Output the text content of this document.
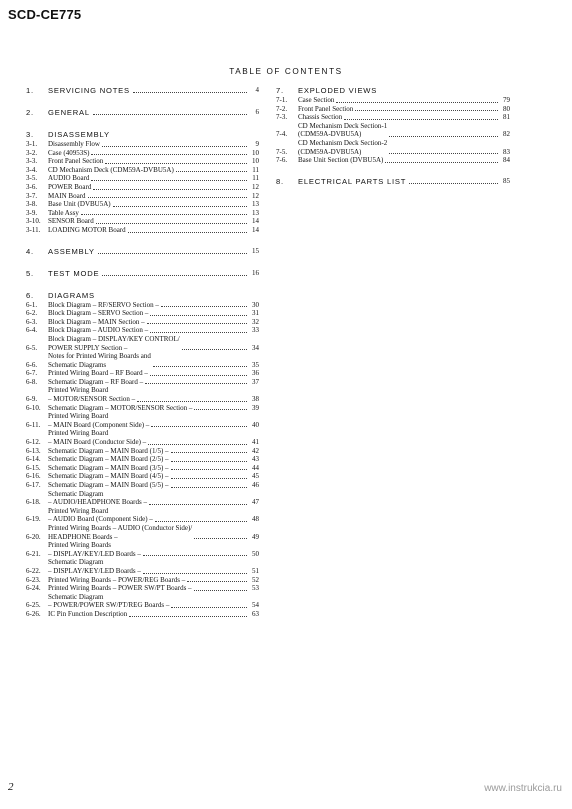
SCD-CE775
TABLE OF CONTENTS
1.	SERVICING NOTES	4
2.	GENERAL	6
3.	DISASSEMBLY
3-1.	Disassembly Flow	9
3-2.	Case (40953S)	10
3-3.	Front Panel Section	10
3-4.	CD Mechanism Deck (CDM59A-DVBU5A)	11
3-5.	AUDIO Board	11
3-6.	POWER Board	12
3-7.	MAIN Board	12
3-8.	Base Unit (DVBU5A)	13
3-9.	Table Assy	13
3-10.	SENSOR Board	14
3-11.	LOADING MOTOR Board	14
4.	ASSEMBLY	15
5.	TEST MODE	16
6.	DIAGRAMS
6-1.	Block Diagram – RF/SERVO Section –	30
6-2.	Block Diagram – SERVO Section –	31
6-3.	Block Diagram – MAIN Section –	32
6-4.	Block Diagram – AUDIO Section –	33
6-5.
Block Diagram – DISPLAY/KEY CONTROL/
POWER SUPPLY Section –	34
6-6.
Notes for Printed Wiring Boards and
Schematic Diagrams	35
6-7.	Printed Wiring Board – RF Board –	36
6-8.	Schematic Diagram – RF Board –	37
6-9.
Printed Wiring Board
– MOTOR/SENSOR Section –	38
6-10.	Schematic Diagram – MOTOR/SENSOR Section –	39
6-11.
Printed Wiring Board
– MAIN Board (Component Side) –	40
6-12.
Printed Wiring Board
– MAIN Board (Conductor Side) –	41
6-13.	Schematic Diagram – MAIN Board (1/5) –	42
6-14.	Schematic Diagram – MAIN Board (2/5) –	43
6-15.	Schematic Diagram – MAIN Board (3/5) –	44
6-16.	Schematic Diagram – MAIN Board (4/5) –	45
6-17.	Schematic Diagram – MAIN Board (5/5) –	46
6-18.
Schematic Diagram
– AUDIO/HEADPHONE Boards –	47
6-19.
Printed Wiring Board
– AUDIO Board (Component Side) –	48
6-20.
Printed Wiring Boards – AUDIO (Conductor Side)/
HEADPHONE Boards –	49
6-21.
Printed Wiring Boards
– DISPLAY/KEY/LED Boards –	50
6-22.
Schematic Diagram
– DISPLAY/KEY/LED Boards –	51
6-23.	Printed Wiring Boards – POWER/REG Boards –	52
6-24.	Printed Wiring Boards – POWER SW/PT Boards –	53
6-25.
Schematic Diagram
– POWER/POWER SW/PT/REG Boards –	54
6-26.	IC Pin Function Description	63
7.	EXPLODED VIEWS
7-1.	Case Section	79
7-2.	Front Panel Section	80
7-3.	Chassis Section	81
7-4.
CD Mechanism Deck Section-1
(CDM59A-DVBU5A)	82
7-5.
CD Mechanism Deck Section-2
(CDM59A-DVBU5A)	83
7-6.	Base Unit Section (DVBU5A)	84
8.	ELECTRICAL PARTS LIST	85
2	www.instrukcia.ru
